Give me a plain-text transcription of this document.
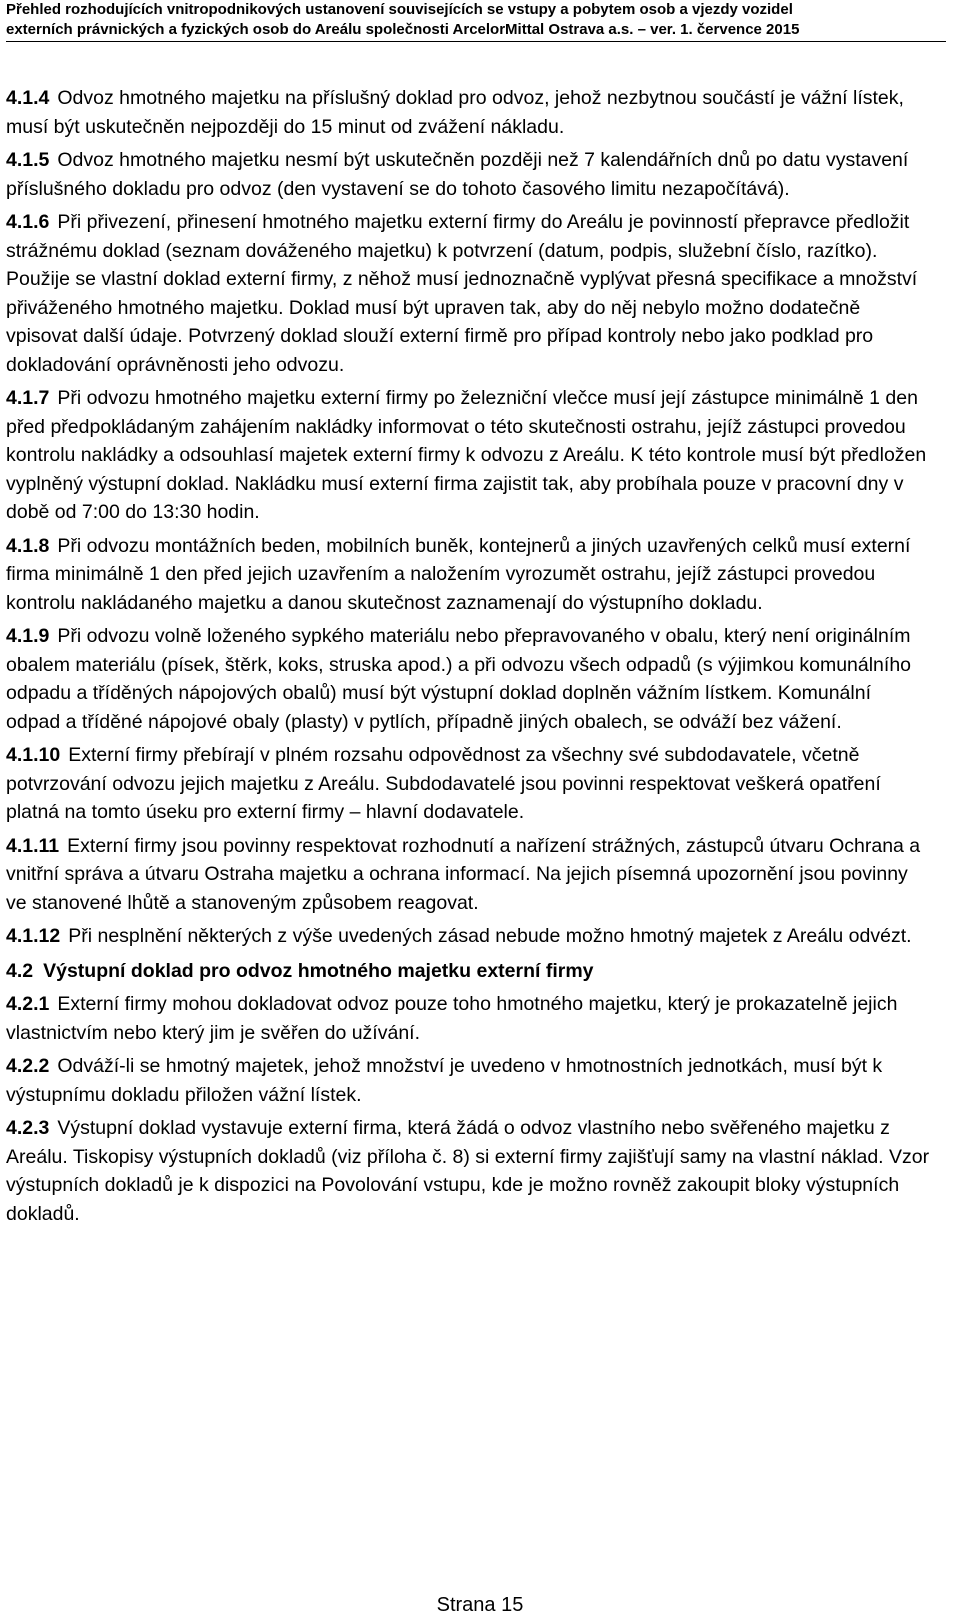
Přehled rozhodujících vnitropodnikových ustanovení souvisejících se vstupy a pobytem osob a vjezdy vozidel
externích právnických a fyzických osob do Areálu společnosti ArcelorMittal Ostrava a.s. – ver. 1. července 2015

4.1.4 Odvoz hmotného majetku na příslušný doklad pro odvoz, jehož nezbytnou součástí je vážní lístek, musí být uskutečněn nejpozději do 15 minut od zvážení nákladu.

4.1.5 Odvoz hmotného majetku nesmí být uskutečněn později než 7 kalendářních dnů po datu vystavení příslušného dokladu pro odvoz (den vystavení se do tohoto časového limitu nezapočítává).

4.1.6 Při přivezení, přinesení hmotného majetku externí firmy do Areálu je povinností přepravce předložit strážnému doklad (seznam dováženého majetku) k potvrzení (datum, podpis, služební číslo, razítko). Použije se vlastní doklad externí firmy, z něhož musí jednoznačně vyplývat přesná specifikace a množství přiváženého hmotného majetku. Doklad musí být upraven tak, aby do něj nebylo možno dodatečně vpisovat další údaje. Potvrzený doklad slouží externí firmě pro případ kontroly nebo jako podklad pro dokladování oprávněnosti jeho odvozu.

4.1.7 Při odvozu hmotného majetku externí firmy po železniční vlečce musí její zástupce minimálně 1 den před předpokládaným zahájením nakládky informovat o této skutečnosti ostrahu, jejíž zástupci provedou kontrolu nakládky a odsouhlasí majetek externí firmy k odvozu z Areálu. K této kontrole musí být předložen vyplněný výstupní doklad. Nakládku musí externí firma zajistit tak, aby probíhala pouze v pracovní dny v době od 7:00 do 13:30 hodin.

4.1.8 Při odvozu montážních beden, mobilních buněk, kontejnerů a jiných uzavřených celků musí externí firma minimálně 1 den před jejich uzavřením a naložením vyrozumět ostrahu, jejíž zástupci provedou kontrolu nakládaného majetku a danou skutečnost zaznamenají do výstupního dokladu.

4.1.9 Při odvozu volně loženého sypkého materiálu nebo přepravovaného v obalu, který není originálním obalem materiálu (písek, štěrk, koks, struska apod.) a při odvozu všech odpadů (s výjimkou komunálního odpadu a tříděných nápojových obalů) musí být výstupní doklad doplněn vážním lístkem. Komunální odpad a tříděné nápojové obaly (plasty) v pytlích, případně jiných obalech, se odváží bez vážení.

4.1.10 Externí firmy přebírají v plném rozsahu odpovědnost za všechny své subdodavatele, včetně potvrzování odvozu jejich majetku z Areálu. Subdodavatelé jsou povinni respektovat veškerá opatření platná na tomto úseku pro externí firmy – hlavní dodavatele.

4.1.11 Externí firmy jsou povinny respektovat rozhodnutí a nařízení strážných, zástupců útvaru Ochrana a vnitřní správa a útvaru Ostraha majetku a ochrana informací. Na jejich písemná upozornění jsou povinny ve stanovené lhůtě a stanoveným způsobem reagovat.

4.1.12 Při nesplnění některých z výše uvedených zásad nebude možno hmotný majetek z Areálu odvézt.

4.2 Výstupní doklad pro odvoz hmotného majetku externí firmy

4.2.1 Externí firmy mohou dokladovat odvoz pouze toho hmotného majetku, který je prokazatelně jejich vlastnictvím nebo který jim je svěřen do užívání.

4.2.2 Odváží-li se hmotný majetek, jehož množství je uvedeno v hmotnostních jednotkách, musí být k výstupnímu dokladu přiložen vážní lístek.

4.2.3 Výstupní doklad vystavuje externí firma, která žádá o odvoz vlastního nebo svěřeného majetku z Areálu. Tiskopisy výstupních dokladů (viz příloha č. 8) si externí firmy zajišťují samy na vlastní náklad. Vzor výstupních dokladů je k dispozici na Povolování vstupu, kde je možno rovněž zakoupit bloky výstupních dokladů.

Strana 15
